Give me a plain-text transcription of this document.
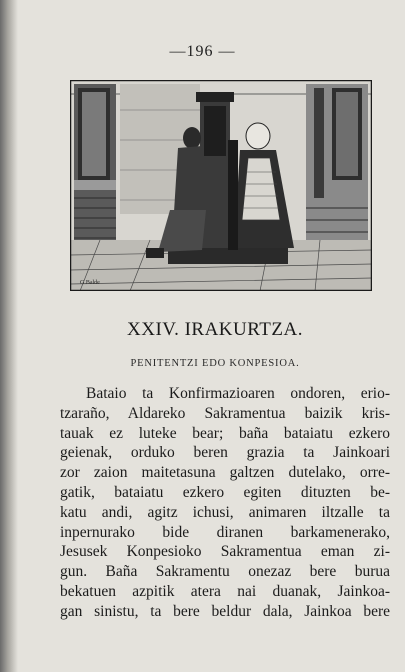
—196 —
G.Balde
XXIV. IRAKURTZA.
PENITENTZI EDO KONPESIOA.
Bataio ta Konfirmazioaren ondoren, erio-
tzaraño, Aldareko Sakramentua baizik kris-
tauak ez luteke bear; baña bataiatu ezkero
geienak, orduko beren grazia ta Jainkoari
zor zaion maitetasuna galtzen dutelako, orre-
gatik, bataiatu ezkero egiten dituzten be-
katu andi, agitz ichusi, animaren iltzalle ta
inpernurako bide diranen barkamenerako,
Jesusek Konpesioko Sakramentua eman zi-
gun. Baña Sakramentu onezaz bere burua
bekatuen azpitik atera nai duanak, Jainkoa-
gan sinistu, ta bere beldur dala, Jainkoa bere
